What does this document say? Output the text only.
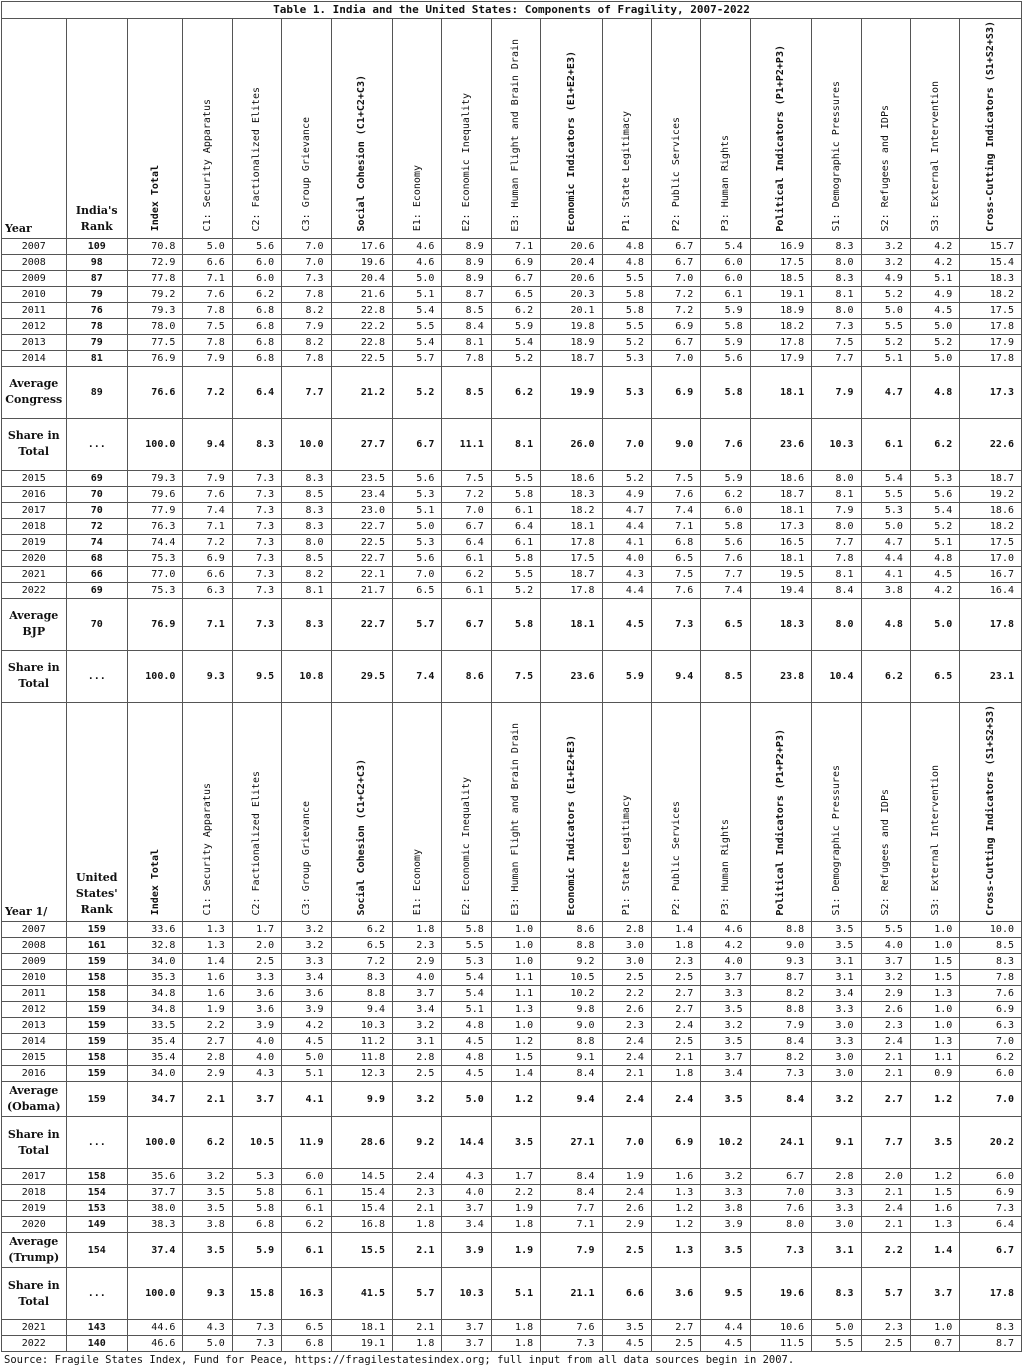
Table 1. India and the United States: Components of Fragility, 2007-2022
Year	India's Rank	Index Total	C1: Security Apparatus	C2: Factionalized Elites	C3: Group Grievance	Social Cohesion (C1+C2+C3)	E1: Economy	E2: Economic Inequality	E3: Human Flight and Brain Drain	Economic Indicators (E1+E2+E3)	P1: State Legitimacy	P2: Public Services	P3: Human Rights	Political Indicators (P1+P2+P3)	S1: Demographic Pressures	S2: Refugees and IDPs	S3: External Intervention	Cross-Cutting Indicators (S1+S2+S3)
2007	109	70.8	5.0	5.6	7.0	17.6	4.6	8.9	7.1	20.6	4.8	6.7	5.4	16.9	8.3	3.2	4.2	15.7
2008	98	72.9	6.6	6.0	7.0	19.6	4.6	8.9	6.9	20.4	4.8	6.7	6.0	17.5	8.0	3.2	4.2	15.4
2009	87	77.8	7.1	6.0	7.3	20.4	5.0	8.9	6.7	20.6	5.5	7.0	6.0	18.5	8.3	4.9	5.1	18.3
2010	79	79.2	7.6	6.2	7.8	21.6	5.1	8.7	6.5	20.3	5.8	7.2	6.1	19.1	8.1	5.2	4.9	18.2
2011	76	79.3	7.8	6.8	8.2	22.8	5.4	8.5	6.2	20.1	5.8	7.2	5.9	18.9	8.0	5.0	4.5	17.5
2012	78	78.0	7.5	6.8	7.9	22.2	5.5	8.4	5.9	19.8	5.5	6.9	5.8	18.2	7.3	5.5	5.0	17.8
2013	79	77.5	7.8	6.8	8.2	22.8	5.4	8.1	5.4	18.9	5.2	6.7	5.9	17.8	7.5	5.2	5.2	17.9
2014	81	76.9	7.9	6.8	7.8	22.5	5.7	7.8	5.2	18.7	5.3	7.0	5.6	17.9	7.7	5.1	5.0	17.8
Average Congress	89	76.6	7.2	6.4	7.7	21.2	5.2	8.5	6.2	19.9	5.3	6.9	5.8	18.1	7.9	4.7	4.8	17.3
Share in Total	...	100.0	9.4	8.3	10.0	27.7	6.7	11.1	8.1	26.0	7.0	9.0	7.6	23.6	10.3	6.1	6.2	22.6
2015	69	79.3	7.9	7.3	8.3	23.5	5.6	7.5	5.5	18.6	5.2	7.5	5.9	18.6	8.0	5.4	5.3	18.7
2016	70	79.6	7.6	7.3	8.5	23.4	5.3	7.2	5.8	18.3	4.9	7.6	6.2	18.7	8.1	5.5	5.6	19.2
2017	70	77.9	7.4	7.3	8.3	23.0	5.1	7.0	6.1	18.2	4.7	7.4	6.0	18.1	7.9	5.3	5.4	18.6
2018	72	76.3	7.1	7.3	8.3	22.7	5.0	6.7	6.4	18.1	4.4	7.1	5.8	17.3	8.0	5.0	5.2	18.2
2019	74	74.4	7.2	7.3	8.0	22.5	5.3	6.4	6.1	17.8	4.1	6.8	5.6	16.5	7.7	4.7	5.1	17.5
2020	68	75.3	6.9	7.3	8.5	22.7	5.6	6.1	5.8	17.5	4.0	6.5	7.6	18.1	7.8	4.4	4.8	17.0
2021	66	77.0	6.6	7.3	8.2	22.1	7.0	6.2	5.5	18.7	4.3	7.5	7.7	19.5	8.1	4.1	4.5	16.7
2022	69	75.3	6.3	7.3	8.1	21.7	6.5	6.1	5.2	17.8	4.4	7.6	7.4	19.4	8.4	3.8	4.2	16.4
Average BJP	70	76.9	7.1	7.3	8.3	22.7	5.7	6.7	5.8	18.1	4.5	7.3	6.5	18.3	8.0	4.8	5.0	17.8
Share in Total	...	100.0	9.3	9.5	10.8	29.5	7.4	8.6	7.5	23.6	5.9	9.4	8.5	23.8	10.4	6.2	6.5	23.1
Year 1/	United States' Rank	Index Total	C1: Security Apparatus	C2: Factionalized Elites	C3: Group Grievance	Social Cohesion (C1+C2+C3)	E1: Economy	E2: Economic Inequality	E3: Human Flight and Brain Drain	Economic Indicators (E1+E2+E3)	P1: State Legitimacy	P2: Public Services	P3: Human Rights	Political Indicators (P1+P2+P3)	S1: Demographic Pressures	S2: Refugees and IDPs	S3: External Intervention	Cross-Cutting Indicators (S1+S2+S3)
2007	159	33.6	1.3	1.7	3.2	6.2	1.8	5.8	1.0	8.6	2.8	1.4	4.6	8.8	3.5	5.5	1.0	10.0
2008	161	32.8	1.3	2.0	3.2	6.5	2.3	5.5	1.0	8.8	3.0	1.8	4.2	9.0	3.5	4.0	1.0	8.5
2009	159	34.0	1.4	2.5	3.3	7.2	2.9	5.3	1.0	9.2	3.0	2.3	4.0	9.3	3.1	3.7	1.5	8.3
2010	158	35.3	1.6	3.3	3.4	8.3	4.0	5.4	1.1	10.5	2.5	2.5	3.7	8.7	3.1	3.2	1.5	7.8
2011	158	34.8	1.6	3.6	3.6	8.8	3.7	5.4	1.1	10.2	2.2	2.7	3.3	8.2	3.4	2.9	1.3	7.6
2012	159	34.8	1.9	3.6	3.9	9.4	3.4	5.1	1.3	9.8	2.6	2.7	3.5	8.8	3.3	2.6	1.0	6.9
2013	159	33.5	2.2	3.9	4.2	10.3	3.2	4.8	1.0	9.0	2.3	2.4	3.2	7.9	3.0	2.3	1.0	6.3
2014	159	35.4	2.7	4.0	4.5	11.2	3.1	4.5	1.2	8.8	2.4	2.5	3.5	8.4	3.3	2.4	1.3	7.0
2015	158	35.4	2.8	4.0	5.0	11.8	2.8	4.8	1.5	9.1	2.4	2.1	3.7	8.2	3.0	2.1	1.1	6.2
2016	159	34.0	2.9	4.3	5.1	12.3	2.5	4.5	1.4	8.4	2.1	1.8	3.4	7.3	3.0	2.1	0.9	6.0
Average (Obama)	159	34.7	2.1	3.7	4.1	9.9	3.2	5.0	1.2	9.4	2.4	2.4	3.5	8.4	3.2	2.7	1.2	7.0
Share in Total	...	100.0	6.2	10.5	11.9	28.6	9.2	14.4	3.5	27.1	7.0	6.9	10.2	24.1	9.1	7.7	3.5	20.2
2017	158	35.6	3.2	5.3	6.0	14.5	2.4	4.3	1.7	8.4	1.9	1.6	3.2	6.7	2.8	2.0	1.2	6.0
2018	154	37.7	3.5	5.8	6.1	15.4	2.3	4.0	2.2	8.4	2.4	1.3	3.3	7.0	3.3	2.1	1.5	6.9
2019	153	38.0	3.5	5.8	6.1	15.4	2.1	3.7	1.9	7.7	2.6	1.2	3.8	7.6	3.3	2.4	1.6	7.3
2020	149	38.3	3.8	6.8	6.2	16.8	1.8	3.4	1.8	7.1	2.9	1.2	3.9	8.0	3.0	2.1	1.3	6.4
Average (Trump)	154	37.4	3.5	5.9	6.1	15.5	2.1	3.9	1.9	7.9	2.5	1.3	3.5	7.3	3.1	2.2	1.4	6.7
Share in Total	...	100.0	9.3	15.8	16.3	41.5	5.7	10.3	5.1	21.1	6.6	3.6	9.5	19.6	8.3	5.7	3.7	17.8
2021	143	44.6	4.3	7.3	6.5	18.1	2.1	3.7	1.8	7.6	3.5	2.7	4.4	10.6	5.0	2.3	1.0	8.3
2022	140	46.6	5.0	7.3	6.8	19.1	1.8	3.7	1.8	7.3	4.5	2.5	4.5	11.5	5.5	2.5	0.7	8.7
Source: Fragile States Index, Fund for Peace, https://fragilestatesindex.org; full input from all data sources begin in 2007.
